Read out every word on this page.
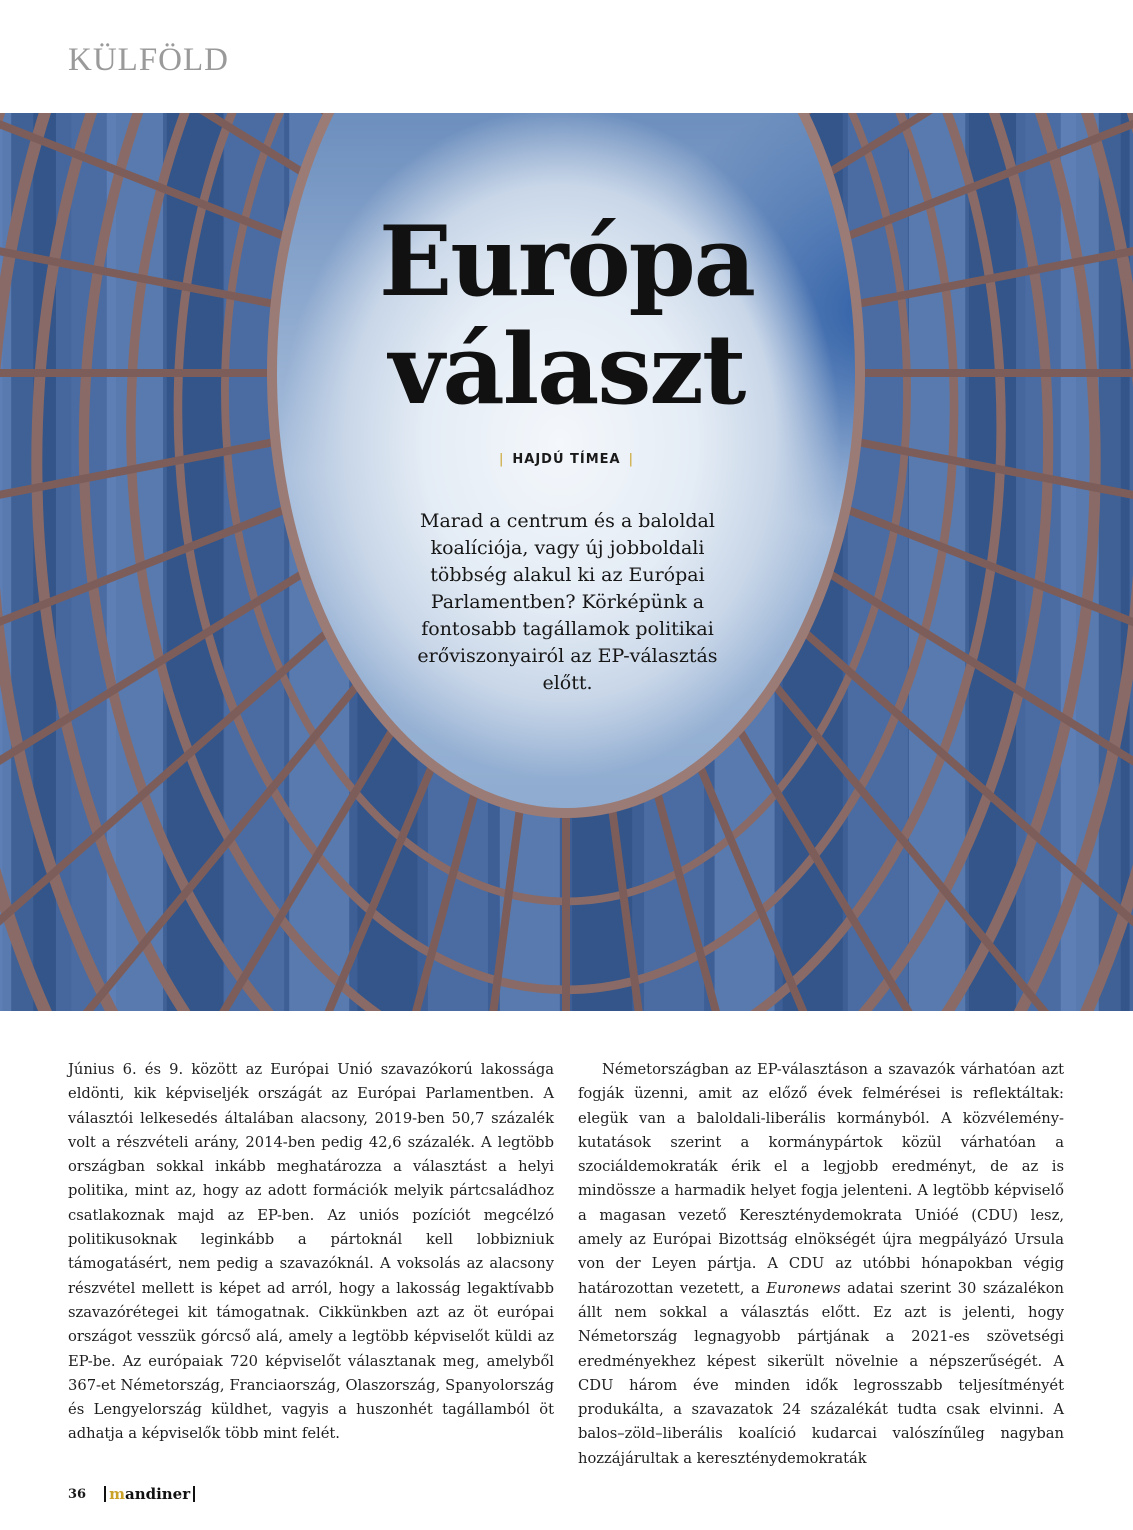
KÜLFÖLD
Európa
választ
| HAJDÚ TÍMEA |
Marad a centrum és a baloldal koalíciója, vagy új jobboldali többség alakul ki az Európai Parlamentben? Körképünk a fontosabb tagállamok politikai erőviszonyairól az EP-választás előtt.
Június 6. és 9. között az Európai Unió szavazókorú lakossága eldönti, kik képviseljék országát az Európai Parlamentben. A választói lelkesedés általában alacsony, 2019-ben 50,7 százalék volt a részvételi arány, 2014-ben pedig 42,6 százalék. A legtöbb országban sokkal inkább meghatározza a választást a helyi politika, mint az, hogy az adott formációk melyik pártcsaládhoz csatlakoznak majd az EP-ben. Az uniós pozíciót megcélzó politikusoknak leginkább a pártoknál kell lobbizniuk támogatásért, nem pedig a szavazóknál. A voksolás az alacsony részvétel mellett is képet ad arról, hogy a lakosság legaktívabb szavazórétegei kit támogatnak. Cikkünkben azt az öt európai országot vesszük górcső alá, amely a legtöbb képviselőt küldi az EP-be. Az európaiak 720 képviselőt választanak meg, amelyből 367-et Németország, Franciaország, Olaszország, Spanyolország és Lengyelország küldhet, vagyis a huszonhét tagállamból öt adhatja a képviselők több mint felét.
Németországban az EP-választáson a szavazók várhatóan azt fogják üzenni, amit az előző évek felmérései is reflektáltak: elegük van a baloldali-liberális kormányból. A közvélemény-kutatások szerint a kormánypártok közül várhatóan a szociáldemokraták érik el a legjobb eredményt, de az is mindössze a harmadik helyet fogja jelenteni. A legtöbb képviselő a magasan vezető Kereszténydemokrata Unióé (CDU) lesz, amely az Európai Bizottság elnökségét újra megpályázó Ursula von der Leyen pártja. A CDU az utóbbi hónapokban végig határozottan vezetett, a Euronews adatai szerint 30 százalékon állt nem sokkal a választás előtt. Ez azt is jelenti, hogy Németország legnagyobb pártjának a 2021-es szövetségi eredményekhez képest sikerült növelnie a népszerűségét. A CDU három éve minden idők legrosszabb teljesítményét produkálta, a szavazatok 24 százalékát tudta csak elvinni. A balos–zöld–liberális koalíció kudarcai valószínűleg nagyban hozzájárultak a kereszténydemokraták
36	mandiner
